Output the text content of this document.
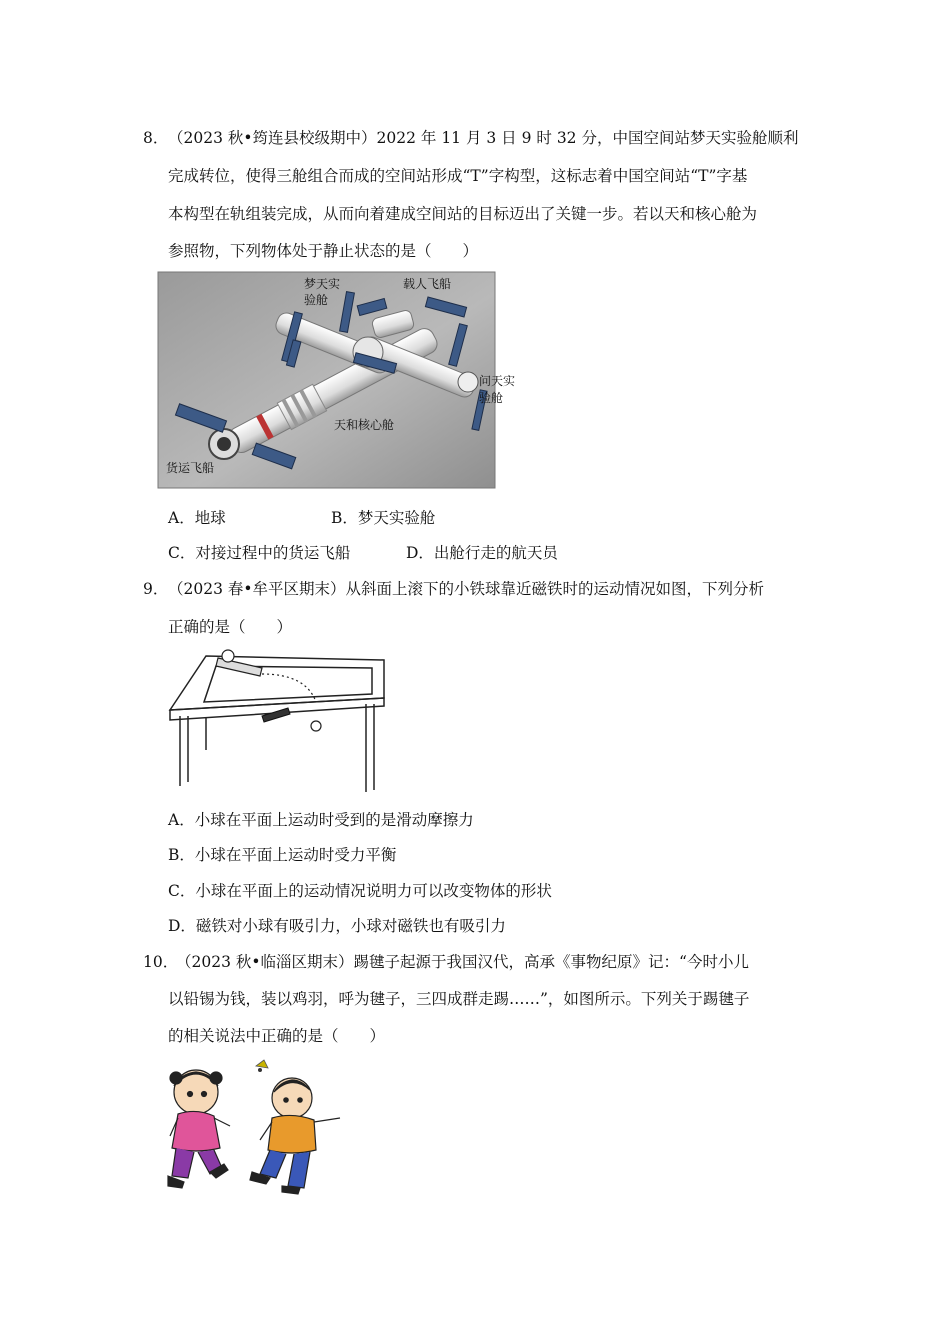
8． （2023 秋•筠连县校级期中）2022 年 11 月 3 日 9 时 32 分，中国空间站梦天实验舱顺利
完成转位，使得三舱组合而成的空间站形成“T”字构型，这标志着中国空间站“T”字基
本构型在轨组装完成，从而向着建成空间站的目标迈出了关键一步。若以天和核心舱为
参照物，下列物体处于静止状态的是（　　）
梦天实
验舱
载人飞船
问天实
验舱
天和核心舱
货运飞船
A．地球	B．梦天实验舱
C．对接过程中的货运飞船	D．出舱行走的航天员
9． （2023 春•牟平区期末）从斜面上滚下的小铁球靠近磁铁时的运动情况如图，下列分析
正确的是（　　）
A．小球在平面上运动时受到的是滑动摩擦力
B．小球在平面上运动时受力平衡
C．小球在平面上的运动情况说明力可以改变物体的形状
D．磁铁对小球有吸引力，小球对磁铁也有吸引力
10．
（2023 秋•临淄区期末）踢毽子起源于我国汉代，高承《事物纪原》记：“今时小儿
以铅锡为钱，装以鸡羽，呼为毽子，三四成群走踢……”，如图所示。下列关于踢毽子
的相关说法中正确的是（　　）
